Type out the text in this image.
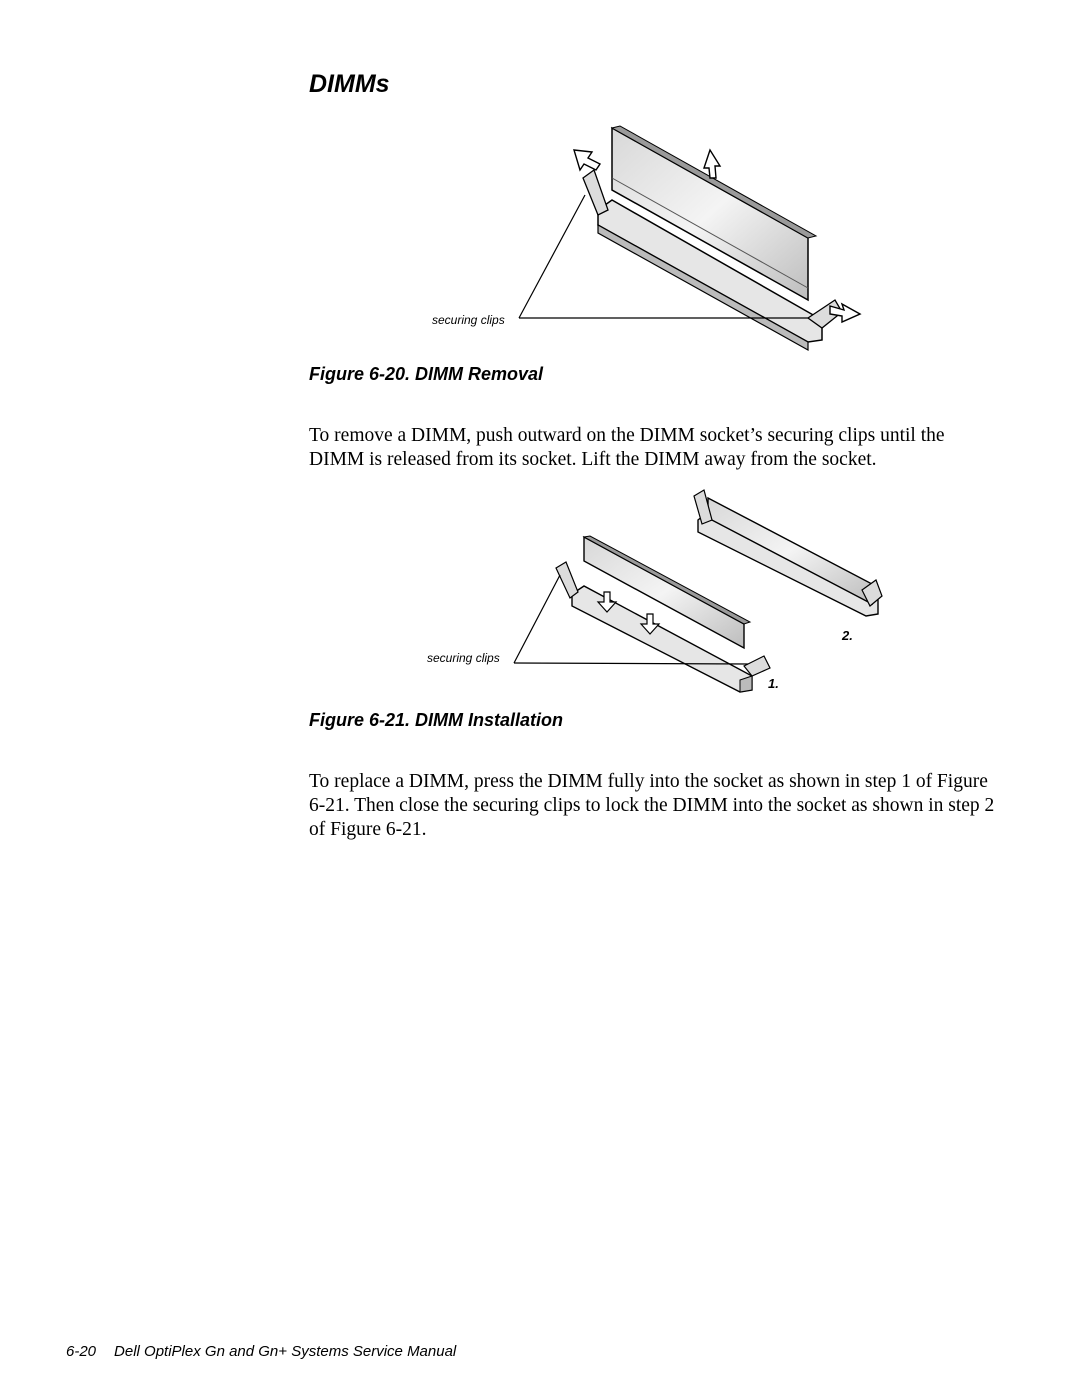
DIMMs
securing clips
Figure 6-20. DIMM Removal
To remove a DIMM, push outward on the DIMM socket’s securing clips until the DIMM is released from its socket. Lift the DIMM away from the socket.
securing clips
2.
1.
Figure 6-21. DIMM Installation
To replace a DIMM, press the DIMM fully into the socket as shown in step 1 of Figure 6-21. Then close the securing clips to lock the DIMM into the socket as shown in step 2 of Figure 6-21.
6-20 Dell OptiPlex Gn and Gn+ Systems Service Manual
